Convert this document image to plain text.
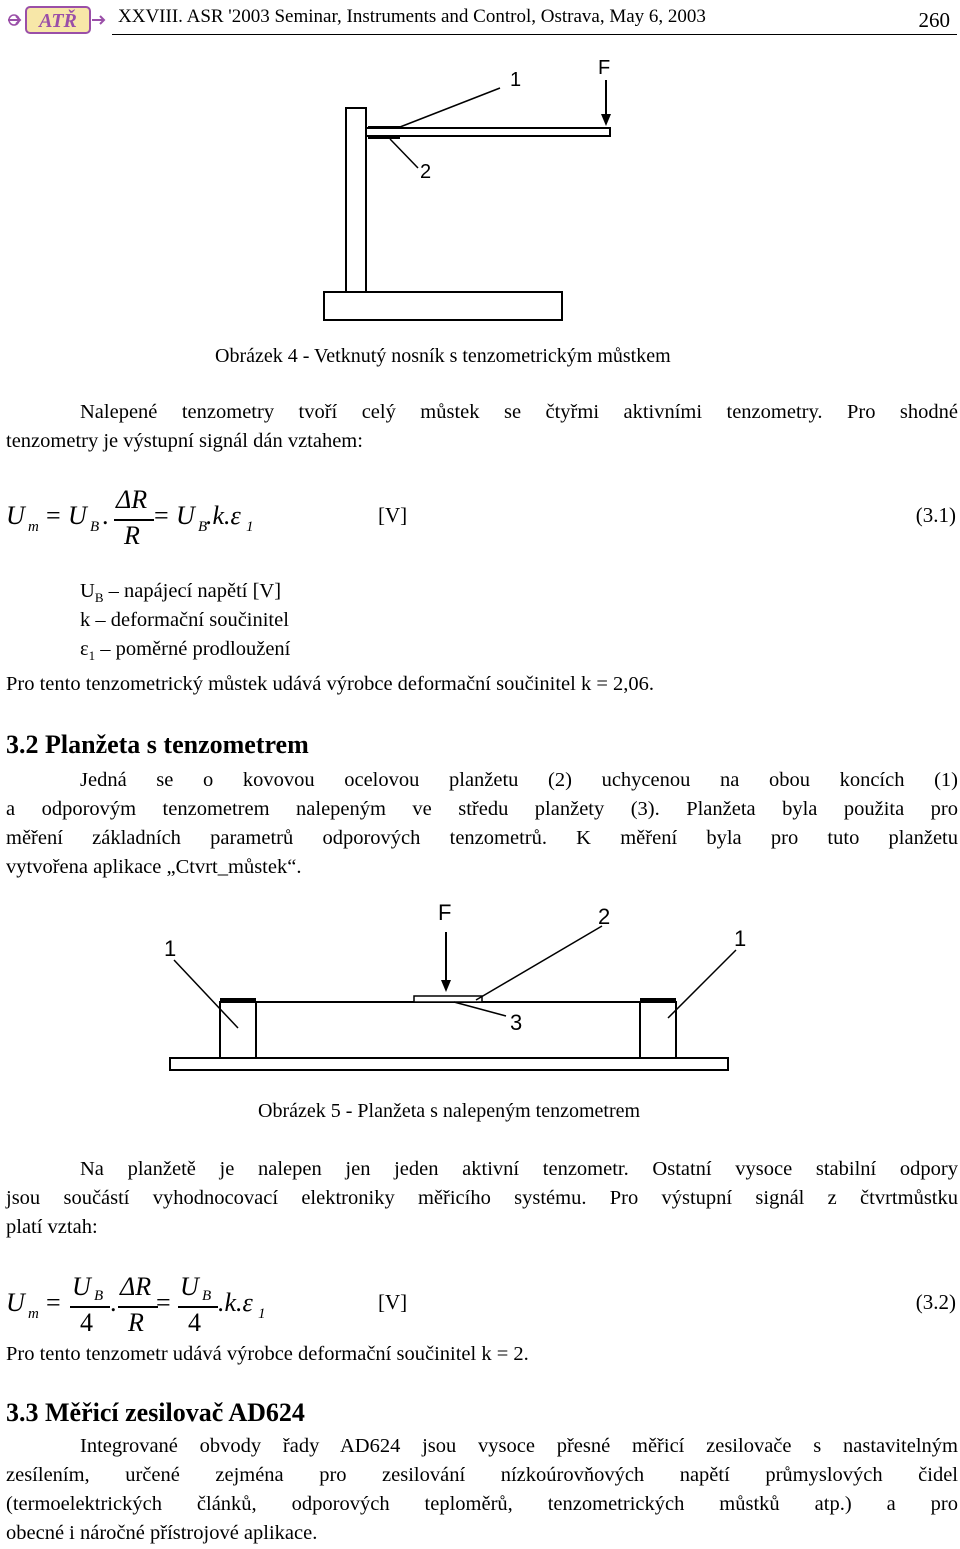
ATŘ XXVIII. ASR '2003 Seminar, Instruments and Control, Ostrava, May 6, 2003	260
1
2
F
Obrázek 4 - Vetknutý nosník s tenzometrickým můstkem
Nalepené tenzometry tvoří celý můstek se čtyřmi aktivními tenzometry. Pro shodné
tenzometry je výstupní signál dán vztahem:
U m = U B .
ΔR
R
= U B
.k.ε 1	[V]	(3.1)
$U_B$ – napájecí napětí [V]
k – deformační součinitel
$\varepsilon_1$ – poměrné prodloužení
Pro tento tenzometrický můstek udává výrobce deformační součinitel k = 2,06.
3.2 Planžeta s tenzometrem
Jedná se o kovovou ocelovou planžetu (2) uchycenou na obou koncích (1)
a odporovým tenzometrem nalepeným ve středu planžety (3). Planžeta byla použita pro
měření základních parametrů odporových tenzometrů. K měření byla pro tuto planžetu
vytvořena aplikace „Ctvrt_můstek“.
F
1
2
1
3
Obrázek 5 - Planžeta s nalepeným tenzometrem
Na planžetě je nalepen jen jeden aktivní tenzometr. Ostatní vysoce stabilní odpory
jsou součástí vyhodnocovací elektroniky měřicího systému. Pro výstupní signál z čtvrtmůstku
platí vztah:
U m =
U B
4
.
ΔR
R
=
U B
4
.k.ε 1	[V]	(3.2)
Pro tento tenzometr udává výrobce deformační součinitel k = 2.
3.3 Měřicí zesilovač AD624
Integrované obvody řady AD624 jsou vysoce přesné měřicí zesilovače s nastavitelným
zesílením, určené zejména pro zesilování nízkoúrovňových napětí průmyslových čidel
(termoelektrických článků, odporových teploměrů, tenzometrických můstků atp.) a pro
obecné i náročné přístrojové aplikace.
